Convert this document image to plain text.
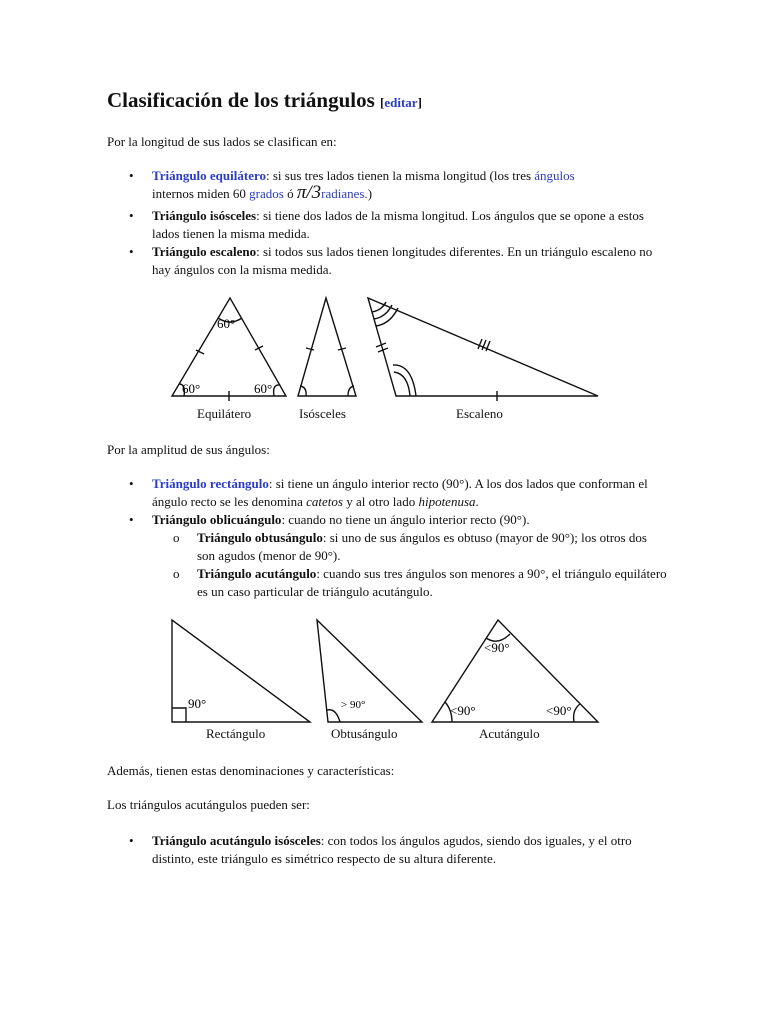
Clasificación de los triángulos [editar]

Por la longitud de sus lados se clasifican en:

• Triángulo equilátero: si sus tres lados tienen la misma longitud (los tres ángulos
internos miden 60 grados ó π/3radianes.)
• Triángulo isósceles: si tiene dos lados de la misma longitud. Los ángulos que se opone a estos lados tienen la misma medida.
• Triángulo escaleno: si todos sus lados tienen longitudes diferentes. En un triángulo escaleno no hay ángulos con la misma medida.
60°
60°	60°
Equilátero	Isósceles	Escaleno

Por la amplitud de sus ángulos:

• Triángulo rectángulo: si tiene un ángulo interior recto (90°). A los dos lados que conforman el ángulo recto se les denomina catetos y al otro lado hipotenusa.
• Triángulo oblicuángulo: cuando no tiene un ángulo interior recto (90°).
o Triángulo obtusángulo: si uno de sus ángulos es obtuso (mayor de 90°); los otros dos son agudos (menor de 90°).
o Triángulo acutángulo: cuando sus tres ángulos son menores a 90°, el triángulo equilátero es un caso particular de triángulo acutángulo.
90°	> 90°
<90°
<90°	<90°
Rectángulo	Obtusángulo	Acutángulo

Además, tienen estas denominaciones y características:

Los triángulos acutángulos pueden ser:

• Triángulo acutángulo isósceles: con todos los ángulos agudos, siendo dos iguales, y el otro distinto, este triángulo es simétrico respecto de su altura diferente.
